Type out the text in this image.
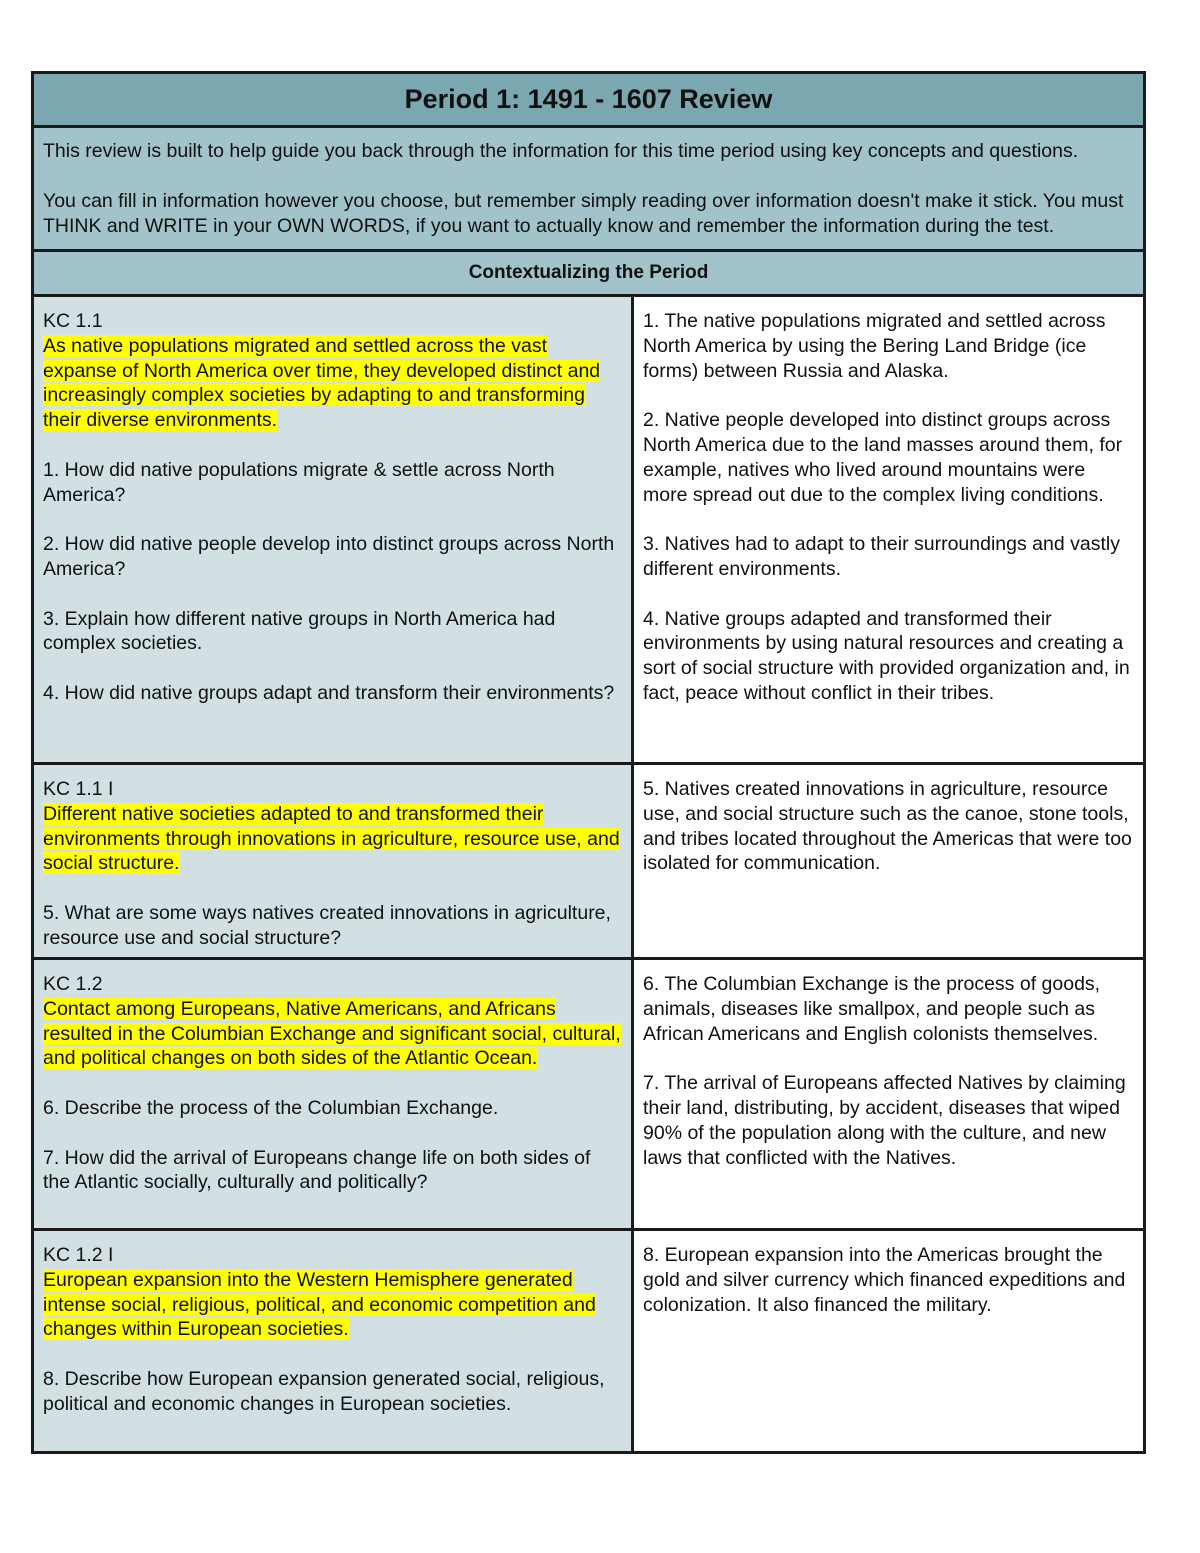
Period 1: 1491 - 1607 Review

This review is built to help guide you back through the information for this time period using key concepts and questions.

You can fill in information however you choose, but remember simply reading over information doesn't make it stick. You must THINK and WRITE in your OWN WORDS, if you want to actually know and remember the information during the test.

Contextualizing the Period
KC 1.1
As native populations migrated and settled across the vast expanse of North America over time, they developed distinct and increasingly complex societies by adapting to and transforming their diverse environments.
1. How did native populations migrate & settle across North America?
2. How did native people develop into distinct groups across North America?
3. Explain how different native groups in North America had complex societies.
4. How did native groups adapt and transform their environments?
1. The native populations migrated and settled across North America by using the Bering Land Bridge (ice forms) between Russia and Alaska.
2. Native people developed into distinct groups across North America due to the land masses around them, for example, natives who lived around mountains were more spread out due to the complex living conditions.
3. Natives had to adapt to their surroundings and vastly different environments.
4. Native groups adapted and transformed their environments by using natural resources and creating a sort of social structure with provided organization and, in fact, peace without conflict in their tribes.
KC 1.1 I
Different native societies adapted to and transformed their environments through innovations in agriculture, resource use, and social structure.
5. What are some ways natives created innovations in agriculture, resource use and social structure?
5. Natives created innovations in agriculture, resource use, and social structure such as the canoe, stone tools, and tribes located throughout the Americas that were too isolated for communication.
KC 1.2
Contact among Europeans, Native Americans, and Africans resulted in the Columbian Exchange and significant social, cultural, and political changes on both sides of the Atlantic Ocean.
6. Describe the process of the Columbian Exchange.
7. How did the arrival of Europeans change life on both sides of the Atlantic socially, culturally and politically?
6. The Columbian Exchange is the process of goods, animals, diseases like smallpox, and people such as African Americans and English colonists themselves.
7. The arrival of Europeans affected Natives by claiming their land, distributing, by accident, diseases that wiped 90% of the population along with the culture, and new laws that conflicted with the Natives.
KC 1.2 I
European expansion into the Western Hemisphere generated intense social, religious, political, and economic competition and changes within European societies.
8. Describe how European expansion generated social, religious, political and economic changes in European societies.
8. European expansion into the Americas brought the gold and silver currency which financed expeditions and colonization. It also financed the military.
